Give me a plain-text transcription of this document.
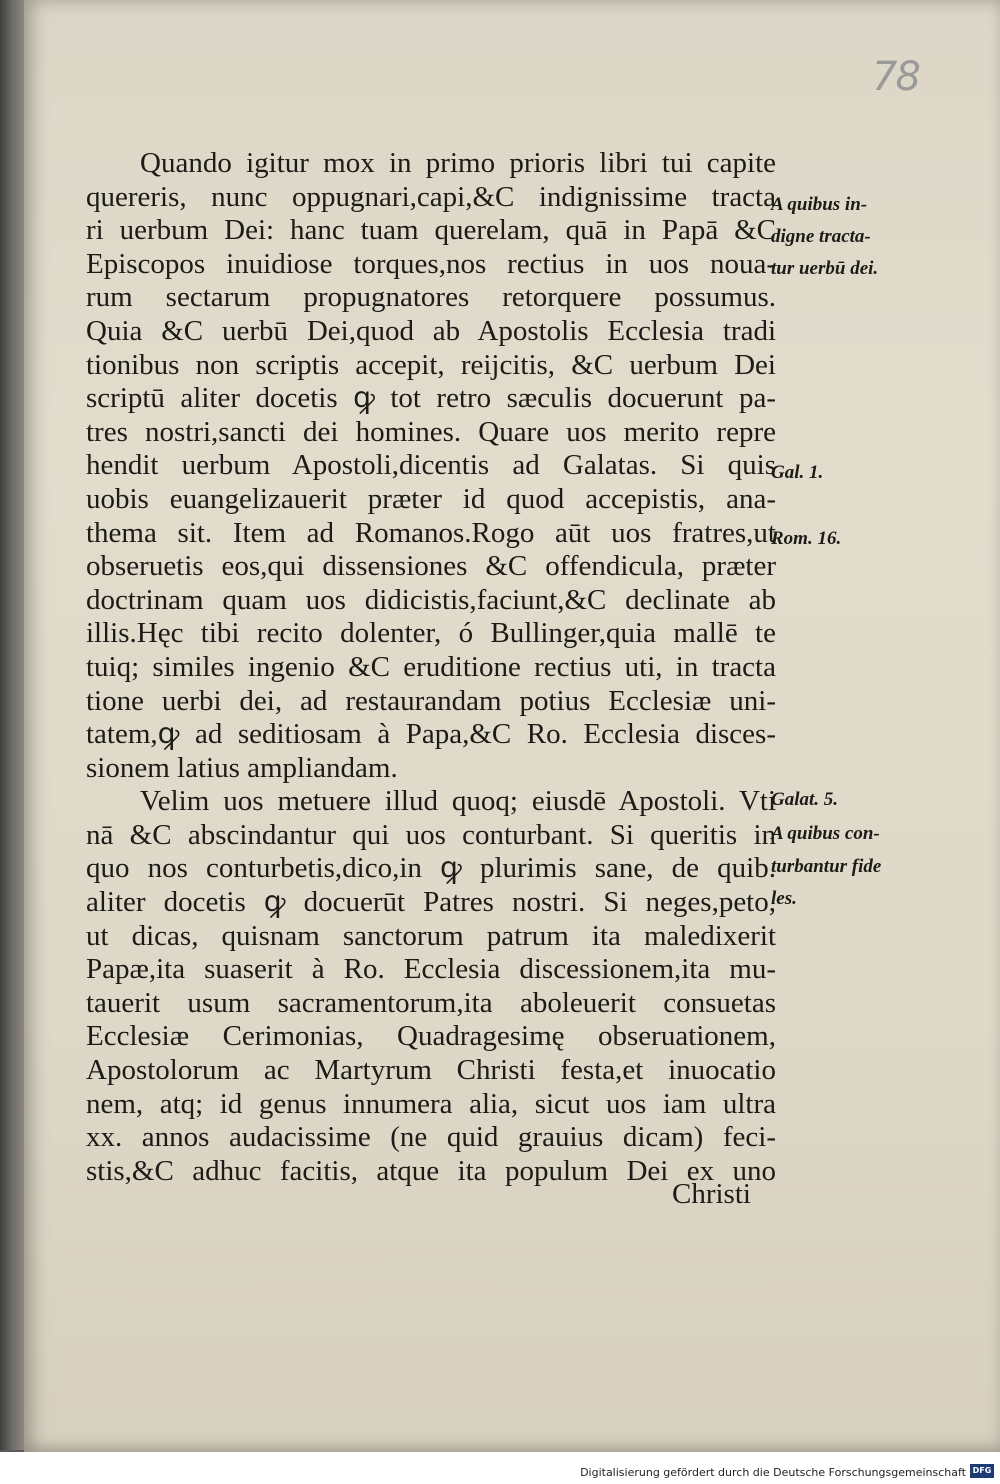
78
Quando igitur mox in primo prioris libri tui capite
quereris, nunc oppugnari,capi,&C indignissime tracta
ri uerbum Dei: hanc tuam querelam, quā in Papā &C
Episcopos inuidiose torques,nos rectius in uos noua-
rum sectarum propugnatores retorquere possumus.
Quia &C uerbū Dei,quod ab Apostolis Ecclesia tradi
tionibus non scriptis accepit, reijcitis, &C uerbum Dei
scriptū aliter docetis ꝙ tot retro sæculis docuerunt pa-
tres nostri,sancti dei homines. Quare uos merito repre
hendit uerbum Apostoli,dicentis ad Galatas. Si quis
uobis euangelizauerit præter id quod accepistis, ana-
thema sit. Item ad Romanos.Rogo aūt uos fratres,ut
obseruetis eos,qui dissensiones &C offendicula, præter
doctrinam quam uos didicistis,faciunt,&C declinate ab
illis.Hęc tibi recito dolenter, ó Bullinger,quia mallē te
tuiq; similes ingenio &C eruditione rectius uti, in tracta
tione uerbi dei, ad restaurandam potius Ecclesiæ uni-
tatem,ꝙ ad seditiosam à Papa,&C Ro. Ecclesia disces-
sionem latius ampliandam.
Velim uos metuere illud quoq; eiusdē Apostoli. Vti
nā &C abscindantur qui uos conturbant. Si queritis in
quo nos conturbetis,dico,in ꝙ plurimis sane, de quib.
aliter docetis ꝙ docuerūt Patres nostri. Si neges,peto,
ut dicas, quisnam sanctorum patrum ita maledixerit
Papæ,ita suaserit à Ro. Ecclesia discessionem,ita mu-
tauerit usum sacramentorum,ita aboleuerit consuetas
Ecclesiæ Cerimonias, Quadragesimę obseruationem,
Apostolorum ac Martyrum Christi festa,et inuocatio
nem, atq; id genus innumera alia, sicut uos iam ultra
xx. annos audacissime (ne quid grauius dicam) feci-
stis,&C adhuc facitis, atque ita populum Dei ex uno
Christi
A quibus in-
digne tracta-
tur uerbū dei.
Gal. 1.
Rom. 16.
Galat. 5.
A quibus con-
turbantur fide
les.
Digitalisierung gefördert durch die Deutsche Forschungsgemeinschaft DFG
